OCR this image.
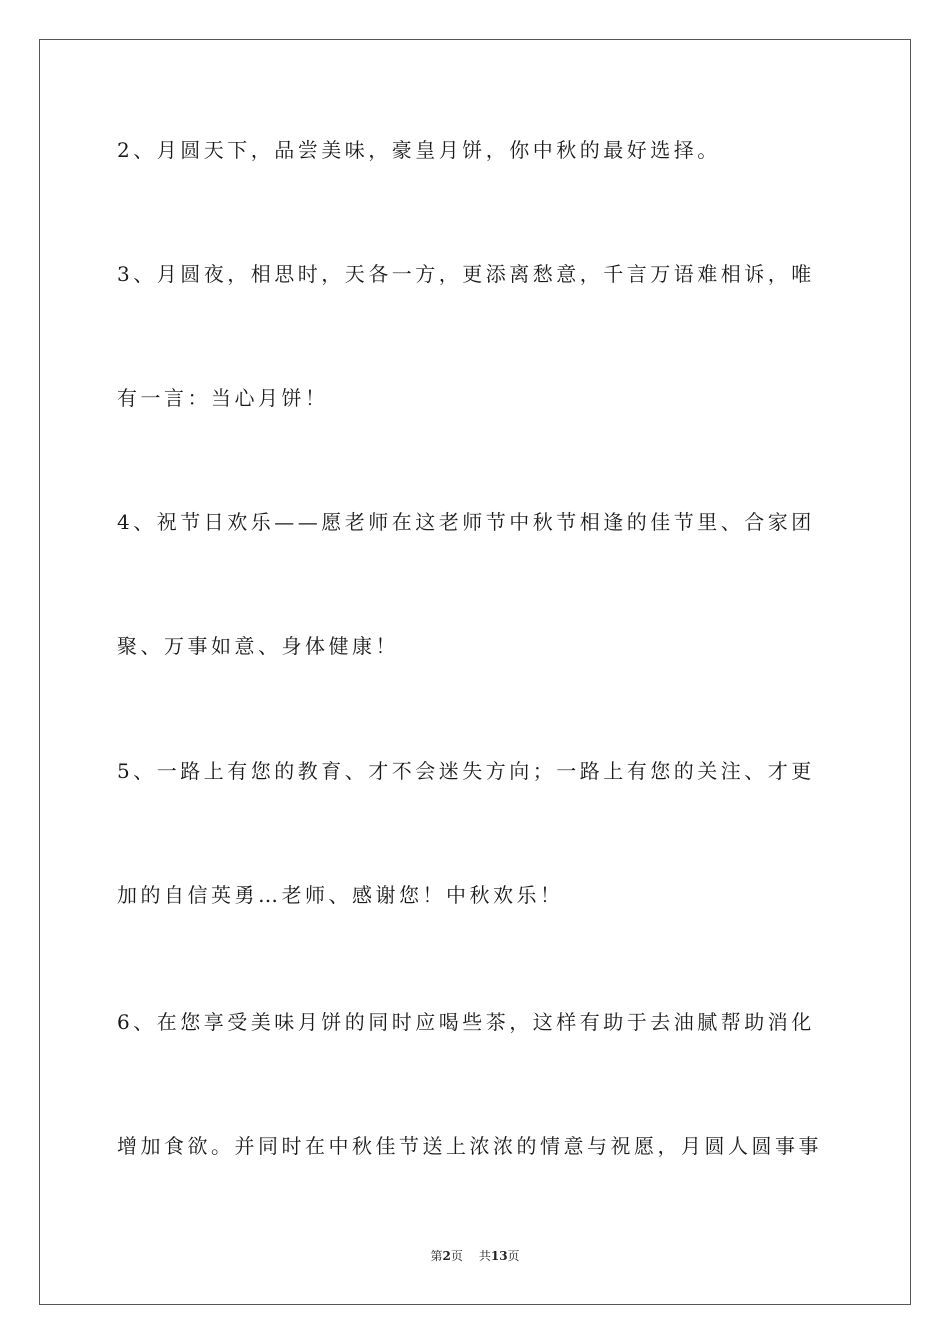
2、月圆天下，品尝美味，豪皇月饼，你中秋的最好选择。
3、月圆夜，相思时，天各一方，更添离愁意，千言万语难相诉，唯
有一言：当心月饼！
4、祝节日欢乐——愿老师在这老师节中秋节相逢的佳节里、合家团
聚、万事如意、身体健康！
5、一路上有您的教育、才不会迷失方向；一路上有您的关注、才更
加的自信英勇…老师、感谢您！中秋欢乐！
6、在您享受美味月饼的同时应喝些茶，这样有助于去油腻帮助消化
增加食欲。并同时在中秋佳节送上浓浓的情意与祝愿，月圆人圆事事
第2页 共13页
